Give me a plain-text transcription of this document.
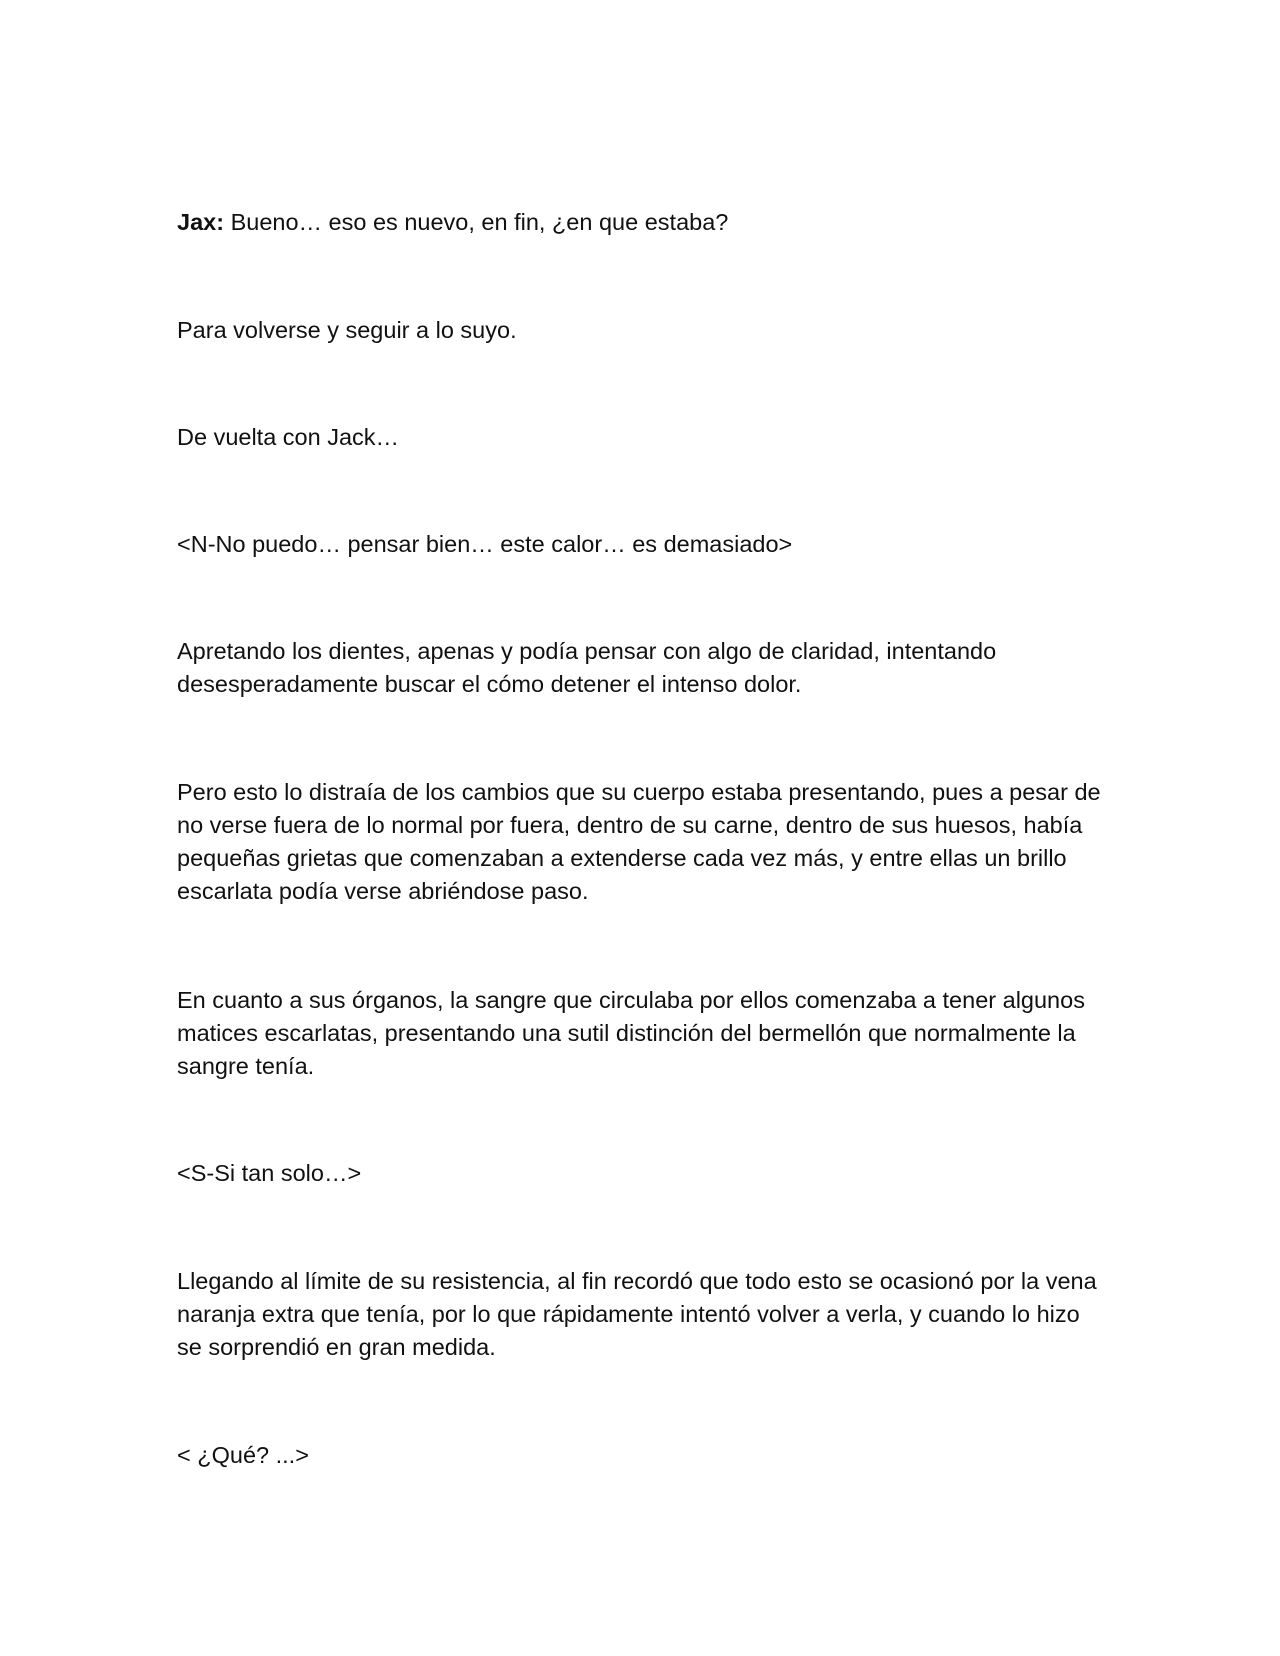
Jax: Bueno… eso es nuevo, en fin, ¿en que estaba?

Para volverse y seguir a lo suyo.

De vuelta con Jack…

<N-No puedo… pensar bien… este calor… es demasiado>

Apretando los dientes, apenas y podía pensar con algo de claridad, intentando desesperadamente buscar el cómo detener el intenso dolor.

Pero esto lo distraía de los cambios que su cuerpo estaba presentando, pues a pesar de no verse fuera de lo normal por fuera, dentro de su carne, dentro de sus huesos, había pequeñas grietas que comenzaban a extenderse cada vez más, y entre ellas un brillo escarlata podía verse abriéndose paso.

En cuanto a sus órganos, la sangre que circulaba por ellos comenzaba a tener algunos matices escarlatas, presentando una sutil distinción del bermellón que normalmente la sangre tenía.

<S-Si tan solo…>

Llegando al límite de su resistencia, al fin recordó que todo esto se ocasionó por la vena naranja extra que tenía, por lo que rápidamente intentó volver a verla, y cuando lo hizo se sorprendió en gran medida.

< ¿Qué? ...>
